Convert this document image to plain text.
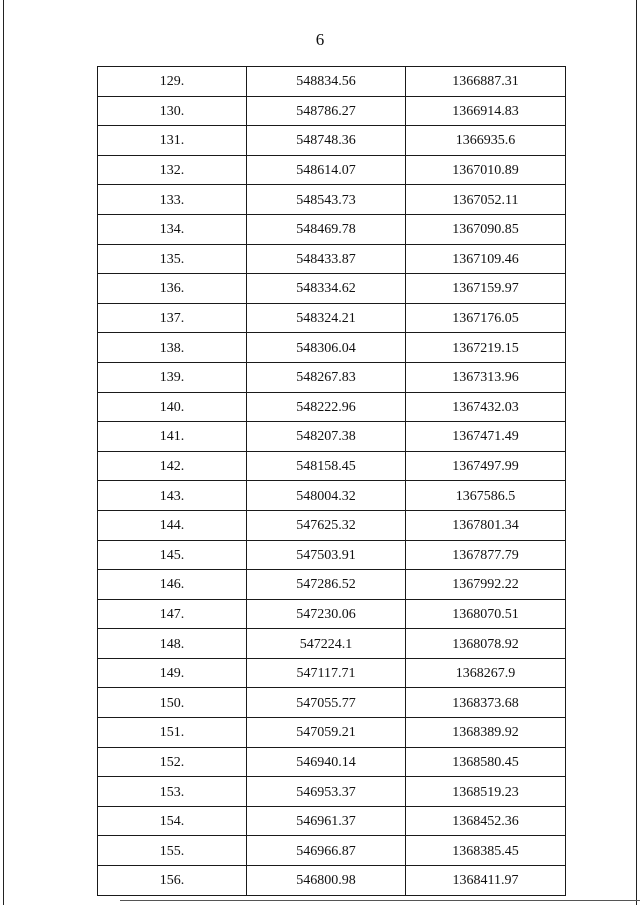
6
129.	548834.56	1366887.31
130.	548786.27	1366914.83
131.	548748.36	1366935.6
132.	548614.07	1367010.89
133.	548543.73	1367052.11
134.	548469.78	1367090.85
135.	548433.87	1367109.46
136.	548334.62	1367159.97
137.	548324.21	1367176.05
138.	548306.04	1367219.15
139.	548267.83	1367313.96
140.	548222.96	1367432.03
141.	548207.38	1367471.49
142.	548158.45	1367497.99
143.	548004.32	1367586.5
144.	547625.32	1367801.34
145.	547503.91	1367877.79
146.	547286.52	1367992.22
147.	547230.06	1368070.51
148.	547224.1	1368078.92
149.	547117.71	1368267.9
150.	547055.77	1368373.68
151.	547059.21	1368389.92
152.	546940.14	1368580.45
153.	546953.37	1368519.23
154.	546961.37	1368452.36
155.	546966.87	1368385.45
156.	546800.98	1368411.97
